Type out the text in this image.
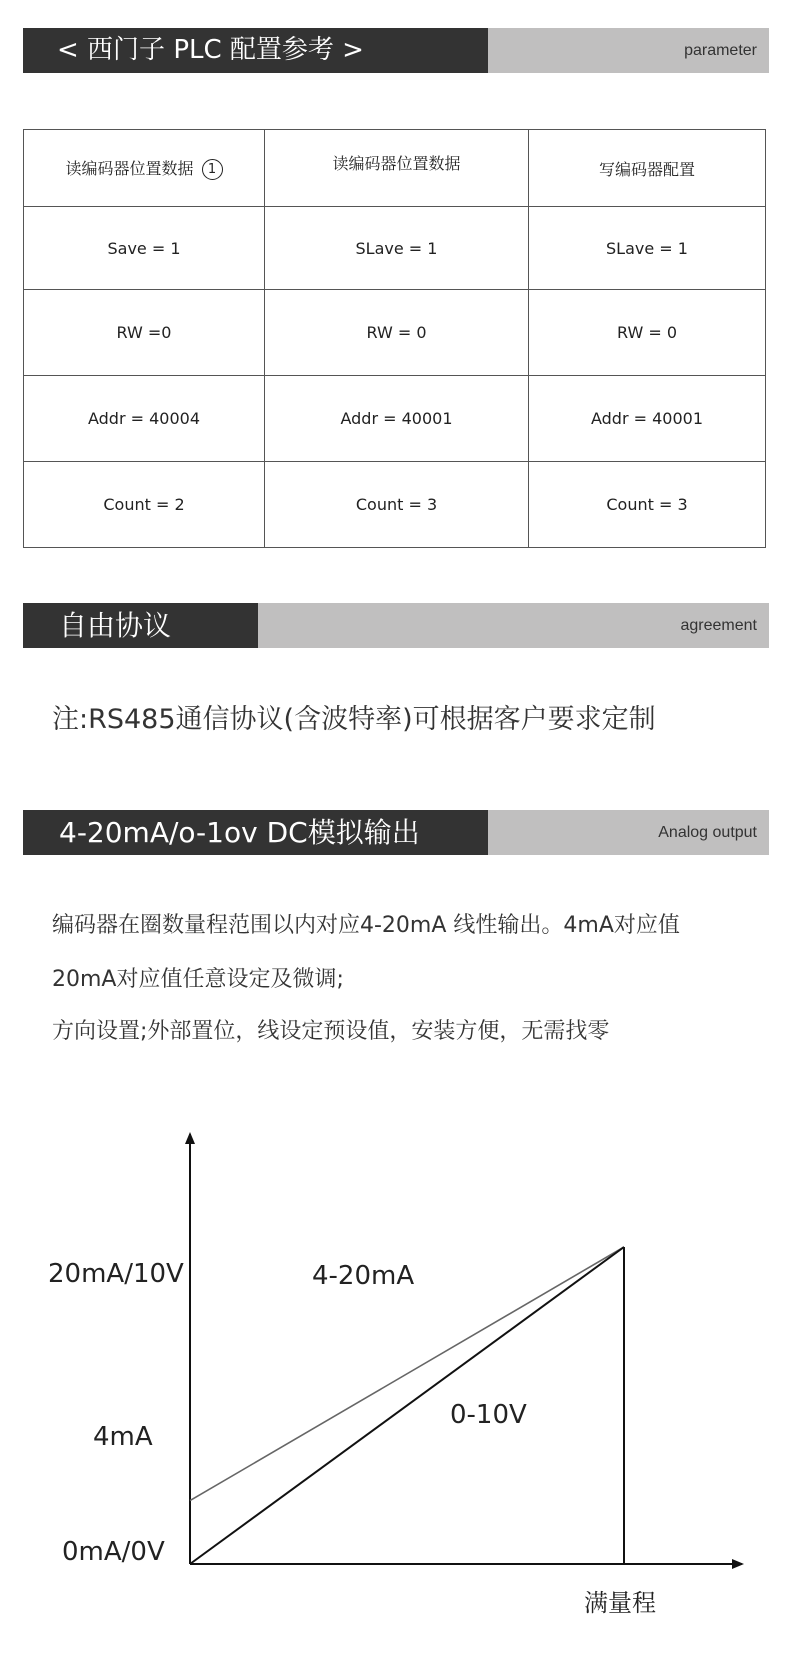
< 西门子 PLC 配置参考 >	parameter
读编码器位置数据 1	读编码器位置数据	写编码器配置
Save = 1	SLave = 1	SLave = 1
RW =0	RW = 0	RW = 0
Addr = 40004	Addr = 40001	Addr = 40001
Count = 2	Count = 3	Count = 3
自由协议	agreement
注:RS485通信协议(含波特率)可根据客户要求定制
4-20mA/o-1ov DC模拟输出	Analog output
编码器在圈数量程范围以内对应4-20mA 线性输出。4mA对应值
20mA对应值任意设定及微调;
方向设置;外部置位，线设定预设值，安装方便，无需找零
20mA/10V
4mA
0mA/0V
4-20mA
0-10V
满量程
